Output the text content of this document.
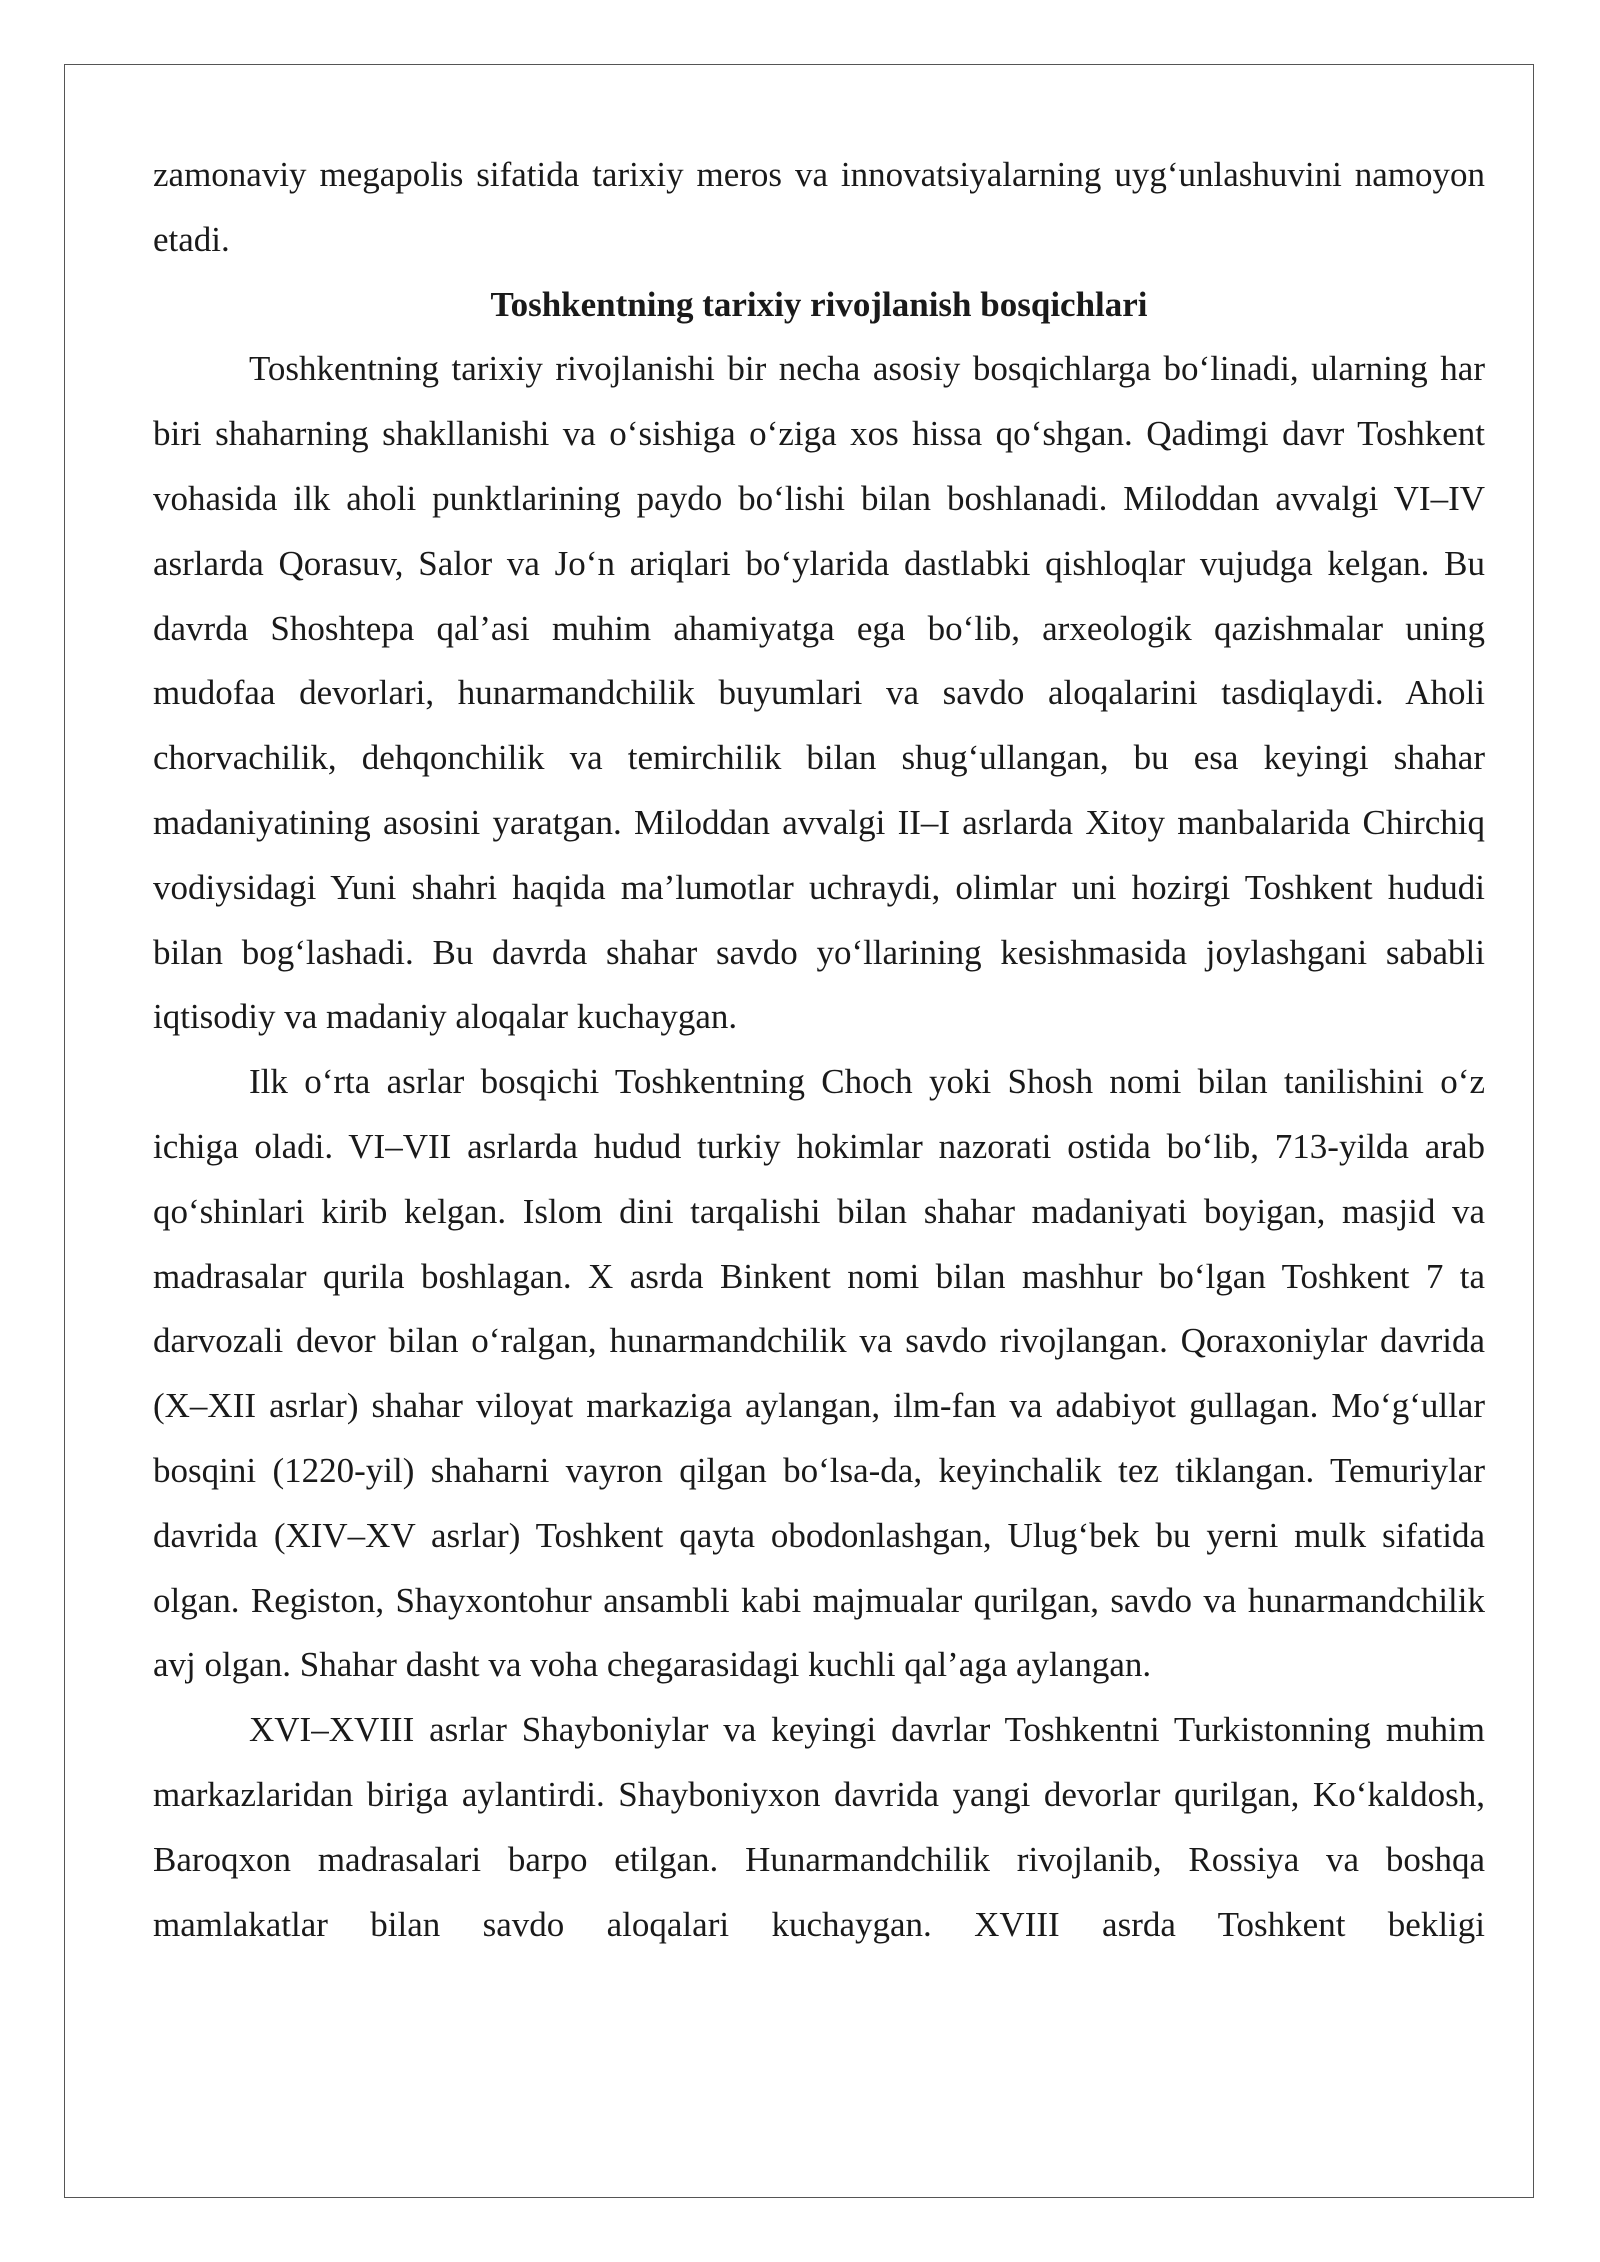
zamonaviy megapolis sifatida tarixiy meros va innovatsiyalarning uyg‘unlashuvini namoyon etadi.

Toshkentning tarixiy rivojlanish bosqichlari

Toshkentning tarixiy rivojlanishi bir necha asosiy bosqichlarga bo‘linadi, ularning har biri shaharning shakllanishi va o‘sishiga o‘ziga xos hissa qo‘shgan. Qadimgi davr Toshkent vohasida ilk aholi punktlarining paydo bo‘lishi bilan boshlanadi. Miloddan avvalgi VI–IV asrlarda Qorasuv, Salor va Jo‘n ariqlari bo‘ylarida dastlabki qishloqlar vujudga kelgan. Bu davrda Shoshtepa qal’asi muhim ahamiyatga ega bo‘lib, arxeologik qazishmalar uning mudofaa devorlari, hunarmandchilik buyumlari va savdo aloqalarini tasdiqlaydi. Aholi chorvachilik, dehqonchilik va temirchilik bilan shug‘ullangan, bu esa keyingi shahar madaniyatining asosini yaratgan. Miloddan avvalgi II–I asrlarda Xitoy manbalarida Chirchiq vodiysidagi Yuni shahri haqida ma’lumotlar uchraydi, olimlar uni hozirgi Toshkent hududi bilan bog‘lashadi. Bu davrda shahar savdo yo‘llarining kesishmasida joylashgani sababli iqtisodiy va madaniy aloqalar kuchaygan.

Ilk o‘rta asrlar bosqichi Toshkentning Choch yoki Shosh nomi bilan tanilishini o‘z ichiga oladi. VI–VII asrlarda hudud turkiy hokimlar nazorati ostida bo‘lib, 713-yilda arab qo‘shinlari kirib kelgan. Islom dini tarqalishi bilan shahar madaniyati boyigan, masjid va madrasalar qurila boshlagan. X asrda Binkent nomi bilan mashhur bo‘lgan Toshkent 7 ta darvozali devor bilan o‘ralgan, hunarmandchilik va savdo rivojlangan. Qoraxoniylar davrida (X–XII asrlar) shahar viloyat markaziga aylangan, ilm-fan va adabiyot gullagan. Mo‘g‘ullar bosqini (1220-yil) shaharni vayron qilgan bo‘lsa-da, keyinchalik tez tiklangan. Temuriylar davrida (XIV–XV asrlar) Toshkent qayta obodonlashgan, Ulug‘bek bu yerni mulk sifatida olgan. Registon, Shayxontohur ansambli kabi majmualar qurilgan, savdo va hunarmandchilik avj olgan. Shahar dasht va voha chegarasidagi kuchli qal’aga aylangan.

XVI–XVIII asrlar Shayboniylar va keyingi davrlar Toshkentni Turkistonning muhim markazlaridan biriga aylantirdi. Shayboniyxon davrida yangi devorlar qurilgan, Ko‘kaldosh, Baroqxon madrasalari barpo etilgan. Hunarmandchilik rivojlanib, Rossiya va boshqa mamlakatlar bilan savdo aloqalari kuchaygan. XVIII asrda Toshkent bekligi
